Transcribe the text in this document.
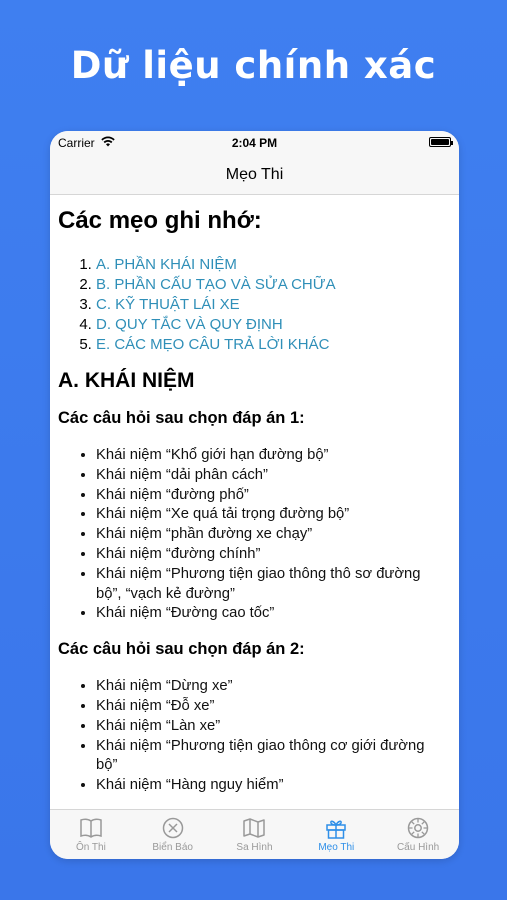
Dữ liệu chính xác
Carrier	2:04 PM
Mẹo Thi
Các mẹo ghi nhớ:
1. A. PHẦN KHÁI NIỆM
2. B. PHẦN CẤU TẠO VÀ SỬA CHỮA
3. C. KỸ THUẬT LÁI XE
4. D. QUY TẮC VÀ QUY ĐỊNH
5. E. CÁC MẸO CÂU TRẢ LỜI KHÁC
A. KHÁI NIỆM
Các câu hỏi sau chọn đáp án 1:
• Khái niệm “Khổ giới hạn đường bộ”
• Khái niệm “dải phân cách”
• Khái niệm “đường phố”
• Khái niệm “Xe quá tải trọng đường bộ”
• Khái niệm “phần đường xe chạy”
• Khái niệm “đường chính”
• Khái niệm “Phương tiện giao thông thô sơ đường bộ”, “vạch kẻ đường”
• Khái niệm “Đường cao tốc”
Các câu hỏi sau chọn đáp án 2:
• Khái niệm “Dừng xe”
• Khái niệm “Đỗ xe”
• Khái niệm “Làn xe”
• Khái niệm “Phương tiện giao thông cơ giới đường bộ”
• Khái niệm “Hàng nguy hiểm”
Ôn Thi	Biển Báo	Sa Hình	Mẹo Thi	Cấu Hình
